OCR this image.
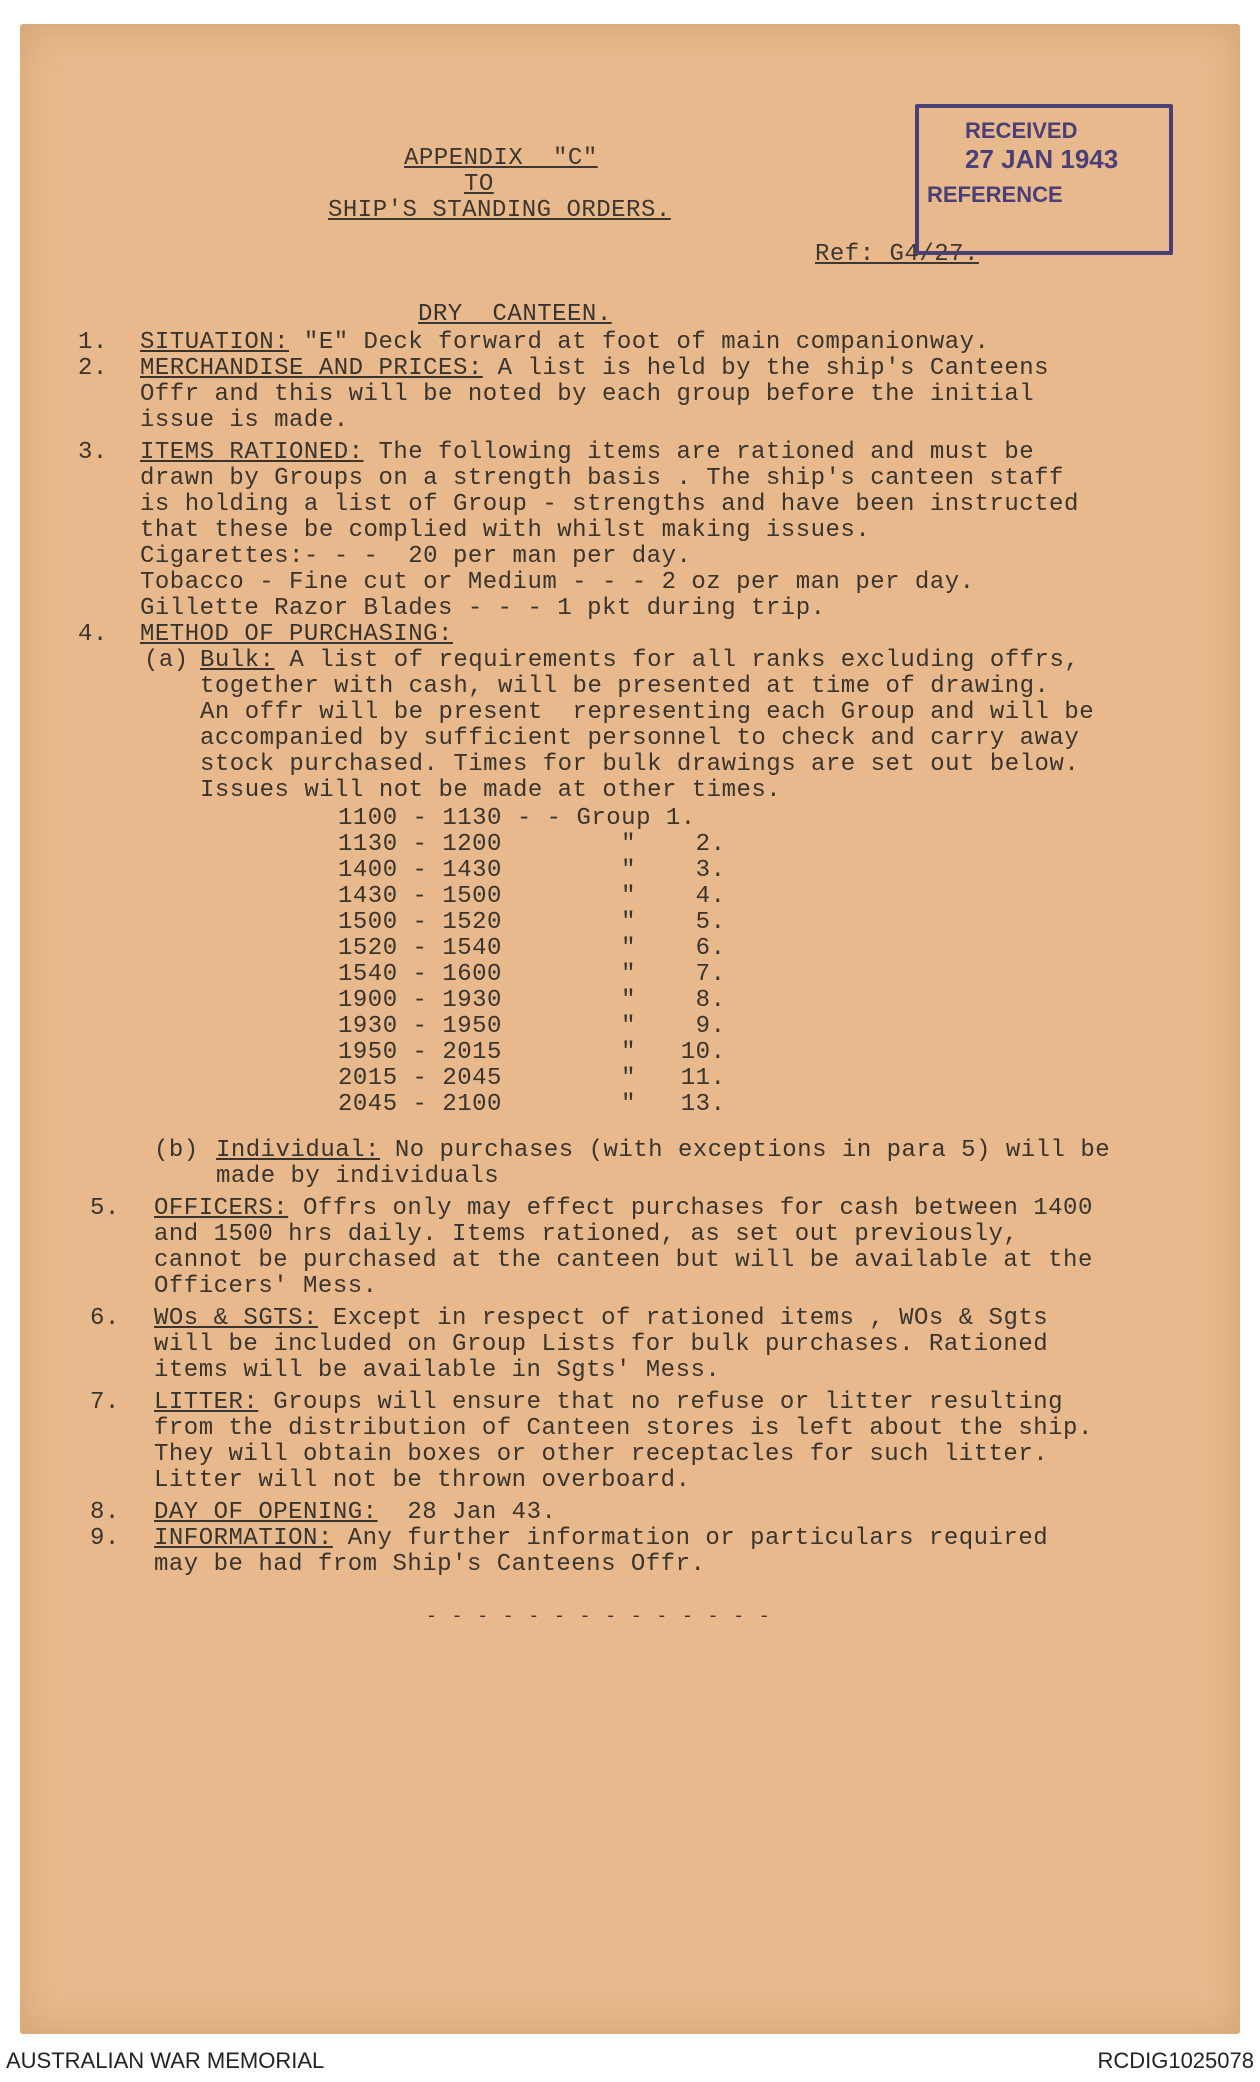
APPENDIX  "C"
TO
SHIP'S STANDING ORDERS.
Ref: G4/27.
RECEIVED
27 JAN 1943
REFERENCE
DRY  CANTEEN.
1. SITUATION: "E" Deck forward at foot of main companionway.
2. MERCHANDISE AND PRICES: A list is held by the ship's Canteens
Offr and this will be noted by each group before the initial
issue is made.
3. ITEMS RATIONED: The following items are rationed and must be
drawn by Groups on a strength basis . The ship's canteen staff
is holding a list of Group - strengths and have been instructed
that these be complied with whilst making issues.
Cigarettes:- - -  20 per man per day.
Tobacco - Fine cut or Medium - - - 2 oz per man per day.
Gillette Razor Blades - - - 1 pkt during trip.
4. METHOD OF PURCHASING:
(a) Bulk: A list of requirements for all ranks excluding offrs,
together with cash, will be presented at time of drawing.
An offr will be present  representing each Group and will be
accompanied by sufficient personnel to check and carry away
stock purchased. Times for bulk drawings are set out below.
Issues will not be made at other times.
1100 - 1130 - - Group 1.
1130 - 1200	"    2.
1400 - 1430	"    3.
1430 - 1500	"    4.
1500 - 1520	"    5.
1520 - 1540	"    6.
1540 - 1600	"    7.
1900 - 1930	"    8.
1930 - 1950	"    9.
1950 - 2015	"   10.
2015 - 2045	"   11.
2045 - 2100	"   13.
(b) Individual: No purchases (with exceptions in para 5) will be
made by individuals
5. OFFICERS: Offrs only may effect purchases for cash between 1400
and 1500 hrs daily. Items rationed, as set out previously,
cannot be purchased at the canteen but will be available at the
Officers' Mess.
6. WOs & SGTS: Except in respect of rationed items , WOs & Sgts
will be included on Group Lists for bulk purchases. Rationed
items will be available in Sgts' Mess.
7. LITTER: Groups will ensure that no refuse or litter resulting
from the distribution of Canteen stores is left about the ship.
They will obtain boxes or other receptacles for such litter.
Litter will not be thrown overboard.
8. DAY OF OPENING:  28 Jan 43.
9. INFORMATION: Any further information or particulars required
may be had from Ship's Canteens Offr.
- - - - - - - - - - - - - -
AUSTRALIAN WAR MEMORIAL	RCDIG1025078
